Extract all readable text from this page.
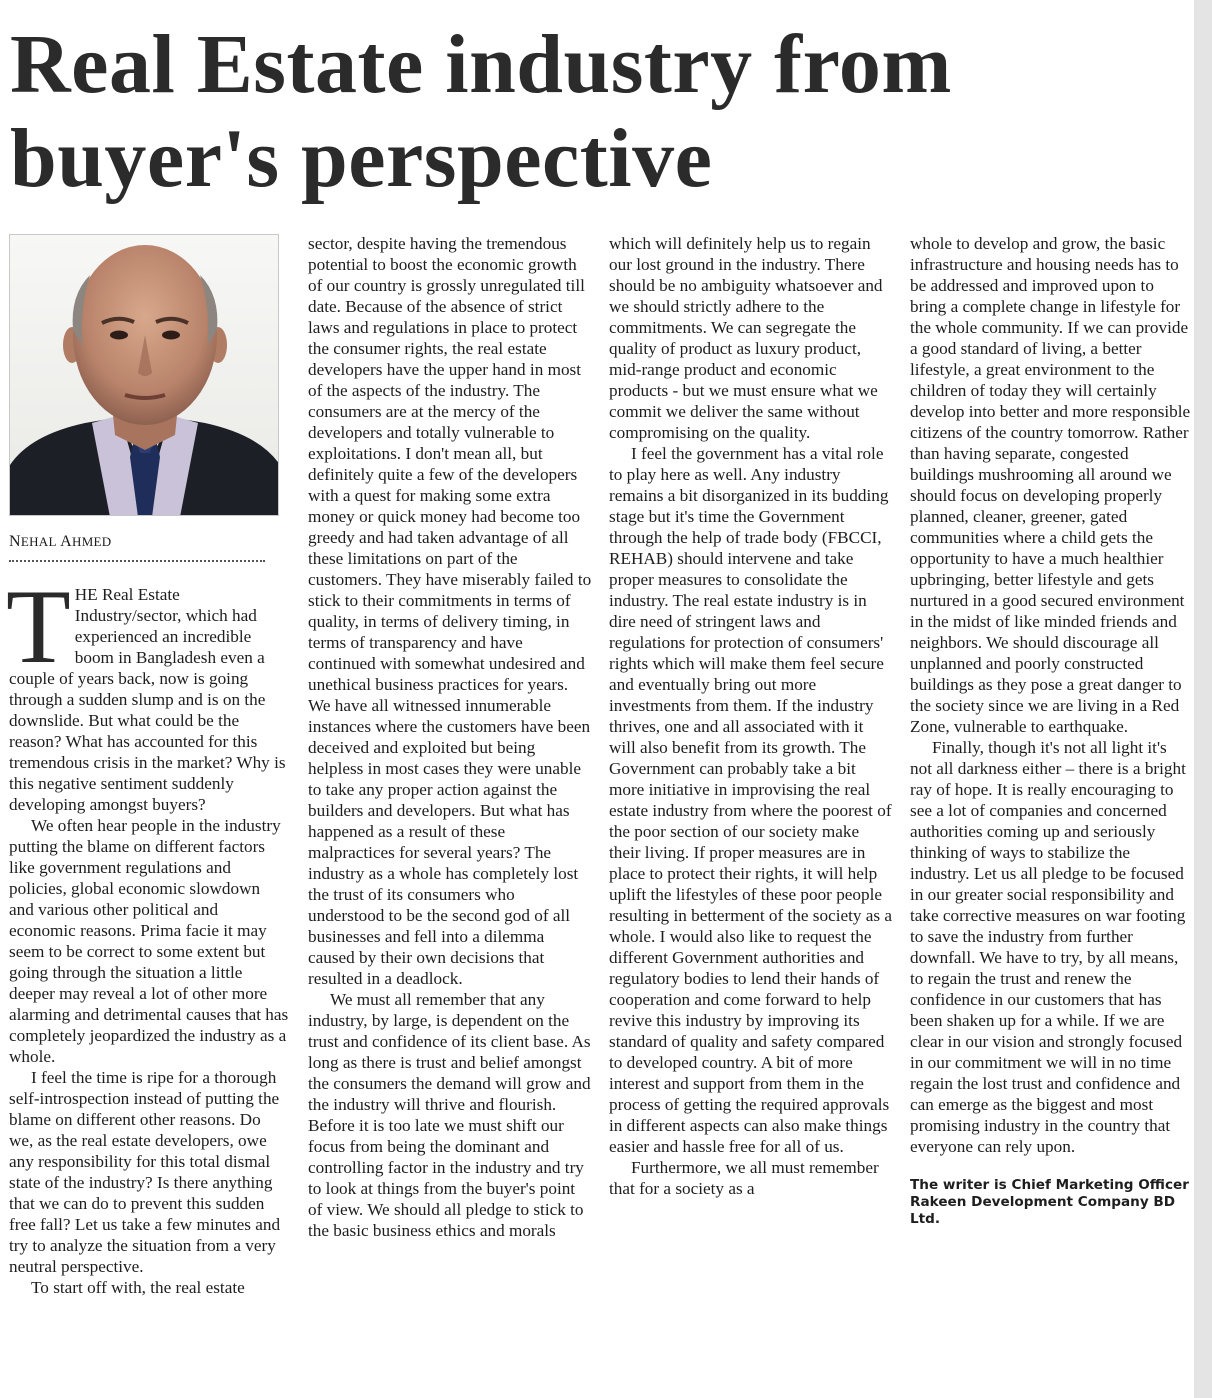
Real Estate industry from
buyer's perspective
NEHAL AHMED
T HE Real Estate Industry/sector, which had experienced an incredible boom in Bangladesh even a couple of years back, now is going through a sudden slump and is on the downslide. But what could be the reason? What has accounted for this tremendous crisis in the market? Why is this negative sentiment suddenly developing amongst buyers?

We often hear people in the industry putting the blame on different factors like government regulations and policies, global economic slowdown and various other political and economic reasons. Prima facie it may seem to be correct to some extent but going through the situation a little deeper may reveal a lot of other more alarming and detrimental causes that has completely jeopardized the industry as a whole.

I feel the time is ripe for a thorough self-introspection instead of putting the blame on different other reasons. Do we, as the real estate developers, owe any responsibility for this total dismal state of the industry? Is there anything that we can do to prevent this sudden free fall? Let us take a few minutes and try to analyze the situation from a very neutral perspective.

To start off with, the real estate

sector, despite having the tremendous potential to boost the economic growth of our country is grossly unregulated till date. Because of the absence of strict laws and regulations in place to protect the consumer rights, the real estate developers have the upper hand in most of the aspects of the industry. The consumers are at the mercy of the developers and totally vulnerable to exploitations. I don't mean all, but definitely quite a few of the developers with a quest for making some extra money or quick money had become too greedy and had taken advantage of all these limitations on part of the customers. They have miserably failed to stick to their commitments in terms of quality, in terms of delivery timing, in terms of transparency and have continued with somewhat undesired and unethical business practices for years. We have all witnessed innumerable instances where the customers have been deceived and exploited but being helpless in most cases they were unable to take any proper action against the builders and developers. But what has happened as a result of these malpractices for several years? The industry as a whole has completely lost the trust of its consumers who understood to be the second god of all businesses and fell into a dilemma caused by their own decisions that resulted in a deadlock.

We must all remember that any industry, by large, is dependent on the trust and confidence of its client base. As long as there is trust and belief amongst the consumers the demand will grow and the industry will thrive and flourish. Before it is too late we must shift our focus from being the dominant and controlling factor in the industry and try to look at things from the buyer's point of view. We should all pledge to stick to the basic business ethics and morals

which will definitely help us to regain our lost ground in the industry. There should be no ambiguity whatsoever and we should strictly adhere to the commitments. We can segregate the quality of product as luxury product, mid-range product and economic products - but we must ensure what we commit we deliver the same without compromising on the quality.

I feel the government has a vital role to play here as well. Any industry remains a bit disorganized in its budding stage but it's time the Government through the help of trade body (FBCCI, REHAB) should intervene and take proper measures to consolidate the industry. The real estate industry is in dire need of stringent laws and regulations for protection of consumers' rights which will make them feel secure and eventually bring out more investments from them. If the industry thrives, one and all associated with it will also benefit from its growth. The Government can probably take a bit more initiative in improvising the real estate industry from where the poorest of the poor section of our society make their living. If proper measures are in place to protect their rights, it will help uplift the lifestyles of these poor people resulting in betterment of the society as a whole. I would also like to request the different Government authorities and regulatory bodies to lend their hands of cooperation and come forward to help revive this industry by improving its standard of quality and safety compared to developed country. A bit of more interest and support from them in the process of getting the required approvals in different aspects can also make things easier and hassle free for all of us.

Furthermore, we all must remember that for a society as a

whole to develop and grow, the basic infrastructure and housing needs has to be addressed and improved upon to bring a complete change in lifestyle for the whole community. If we can provide a good standard of living, a better lifestyle, a great environment to the children of today they will certainly develop into better and more responsible citizens of the country tomorrow. Rather than having separate, congested buildings mushrooming all around we should focus on developing properly planned, cleaner, greener, gated communities where a child gets the opportunity to have a much healthier upbringing, better lifestyle and gets nurtured in a good secured environment in the midst of like minded friends and neighbors. We should discourage all unplanned and poorly constructed buildings as they pose a great danger to the society since we are living in a Red Zone, vulnerable to earthquake.

Finally, though it's not all light it's not all darkness either – there is a bright ray of hope. It is really encouraging to see a lot of companies and concerned authorities coming up and seriously thinking of ways to stabilize the industry. Let us all pledge to be focused in our greater social responsibility and take corrective measures on war footing to save the industry from further downfall. We have to try, by all means, to regain the trust and renew the confidence in our customers that has been shaken up for a while. If we are clear in our vision and strongly focused in our commitment we will in no time regain the lost trust and confidence and can emerge as the biggest and most promising industry in the country that everyone can rely upon.

The writer is Chief Marketing Officer
Rakeen Development Company BD Ltd.
